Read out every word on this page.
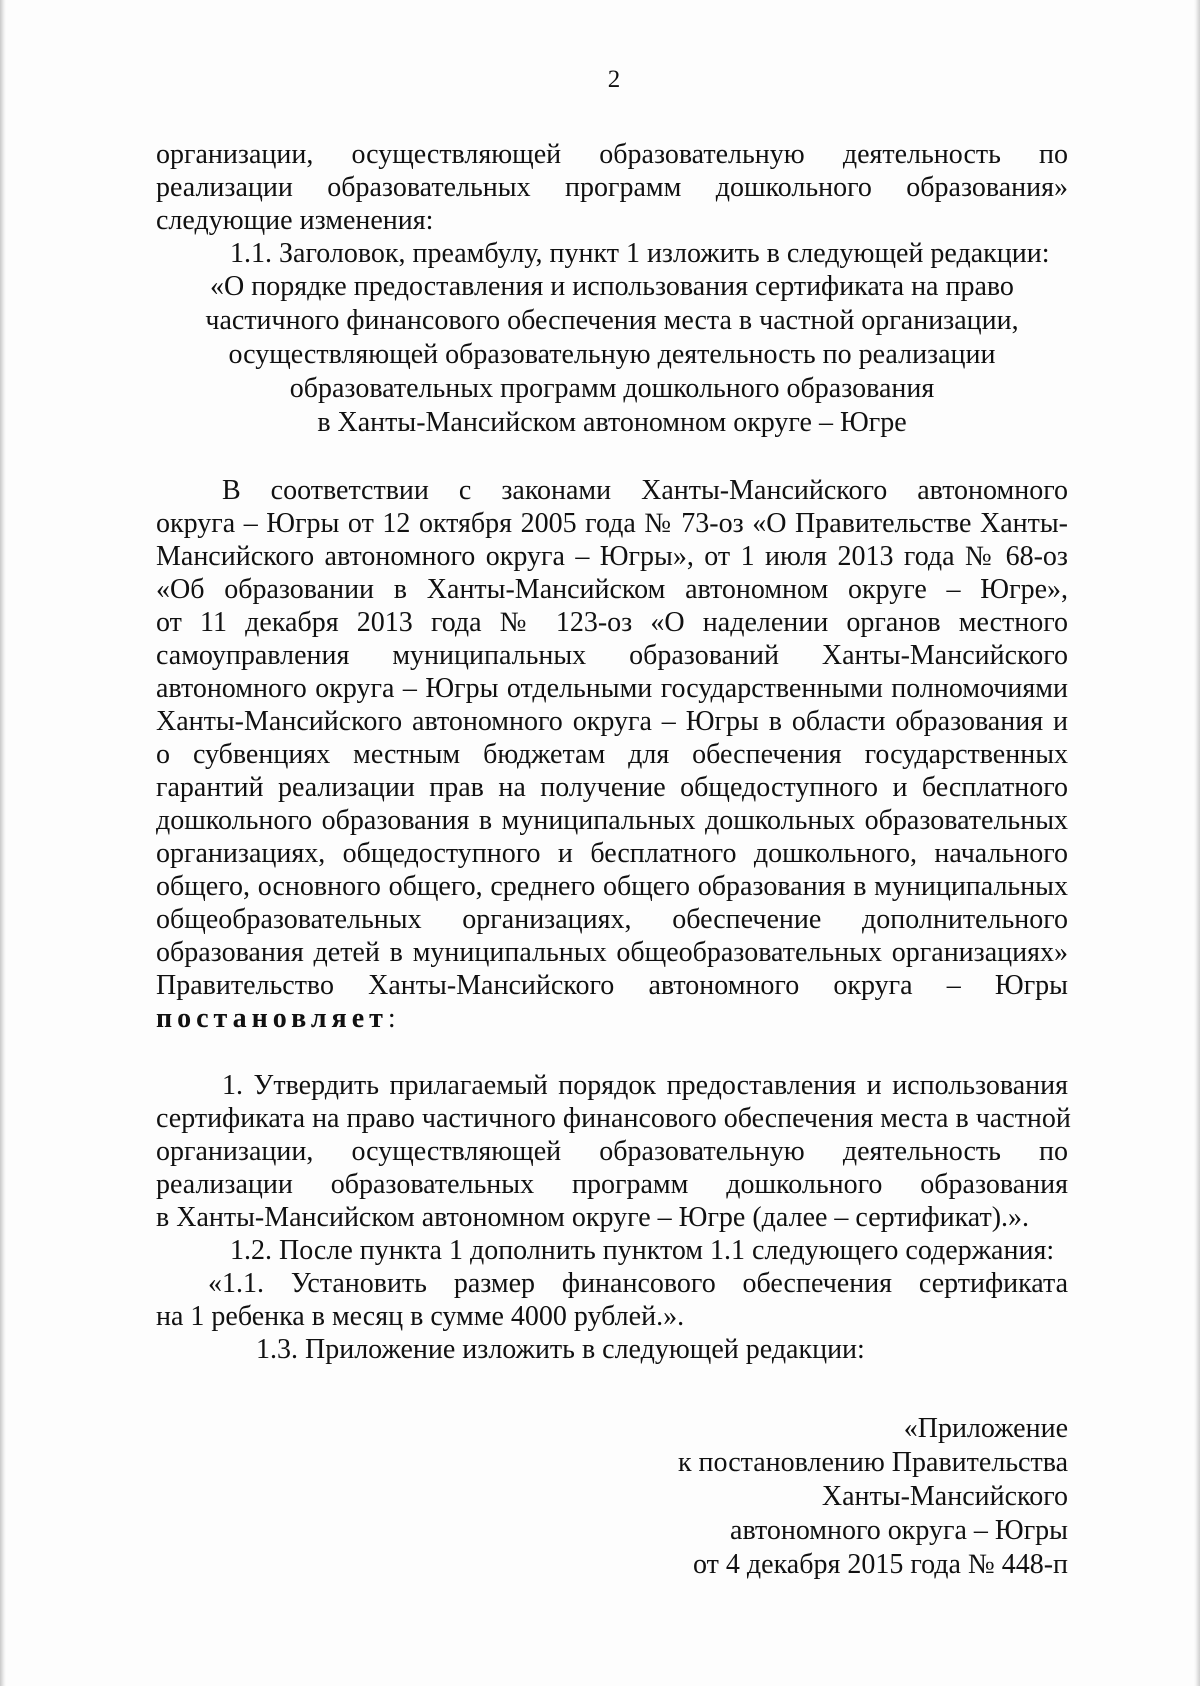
2
организации, осуществляющей образовательную деятельность по
реализации образовательных программ дошкольного образования»
следующие изменения:
1.1. Заголовок, преамбулу, пункт 1 изложить в следующей редакции:
«О порядке предоставления и использования сертификата на право
частичного финансового обеспечения места в частной организации,
осуществляющей образовательную деятельность по реализации
образовательных программ дошкольного образования
в Ханты-Мансийском автономном округе – Югре
В соответствии с законами Ханты-Мансийского автономного
округа – Югры от 12 октября 2005 года № 73-оз «О Правительстве Ханты-
Мансийского автономного округа – Югры», от 1 июля 2013 года № 68-оз
«Об образовании в Ханты-Мансийском автономном округе – Югре»,
от 11 декабря 2013 года № 123-оз «О наделении органов местного
самоуправления муниципальных образований Ханты-Мансийского
автономного округа – Югры отдельными государственными полномочиями
Ханты-Мансийского автономного округа – Югры в области образования и
о субвенциях местным бюджетам для обеспечения государственных
гарантий реализации прав на получение общедоступного и бесплатного
дошкольного образования в муниципальных дошкольных образовательных
организациях, общедоступного и бесплатного дошкольного, начального
общего, основного общего, среднего общего образования в муниципальных
общеобразовательных организациях, обеспечение дополнительного
образования детей в муниципальных общеобразовательных организациях»
Правительство Ханты-Мансийского автономного округа – Югры
постановляет:
1. Утвердить прилагаемый порядок предоставления и использования
сертификата на право частичного финансового обеспечения места в частной
организации, осуществляющей образовательную деятельность по
реализации образовательных программ дошкольного образования
в Ханты-Мансийском автономном округе – Югре (далее – сертификат).».
1.2. После пункта 1 дополнить пунктом 1.1 следующего содержания:
«1.1. Установить размер финансового обеспечения сертификата
на 1 ребенка в месяц в сумме 4000 рублей.».
1.3. Приложение изложить в следующей редакции:
«Приложение
к постановлению Правительства
Ханты-Мансийского
автономного округа – Югры
от 4 декабря 2015 года № 448-п
